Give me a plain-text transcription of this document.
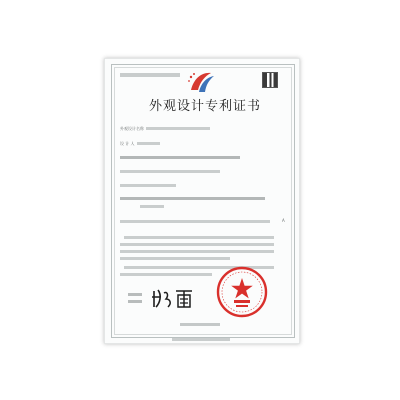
外观设计专利证书
外观设计名称
设 计 人
A
